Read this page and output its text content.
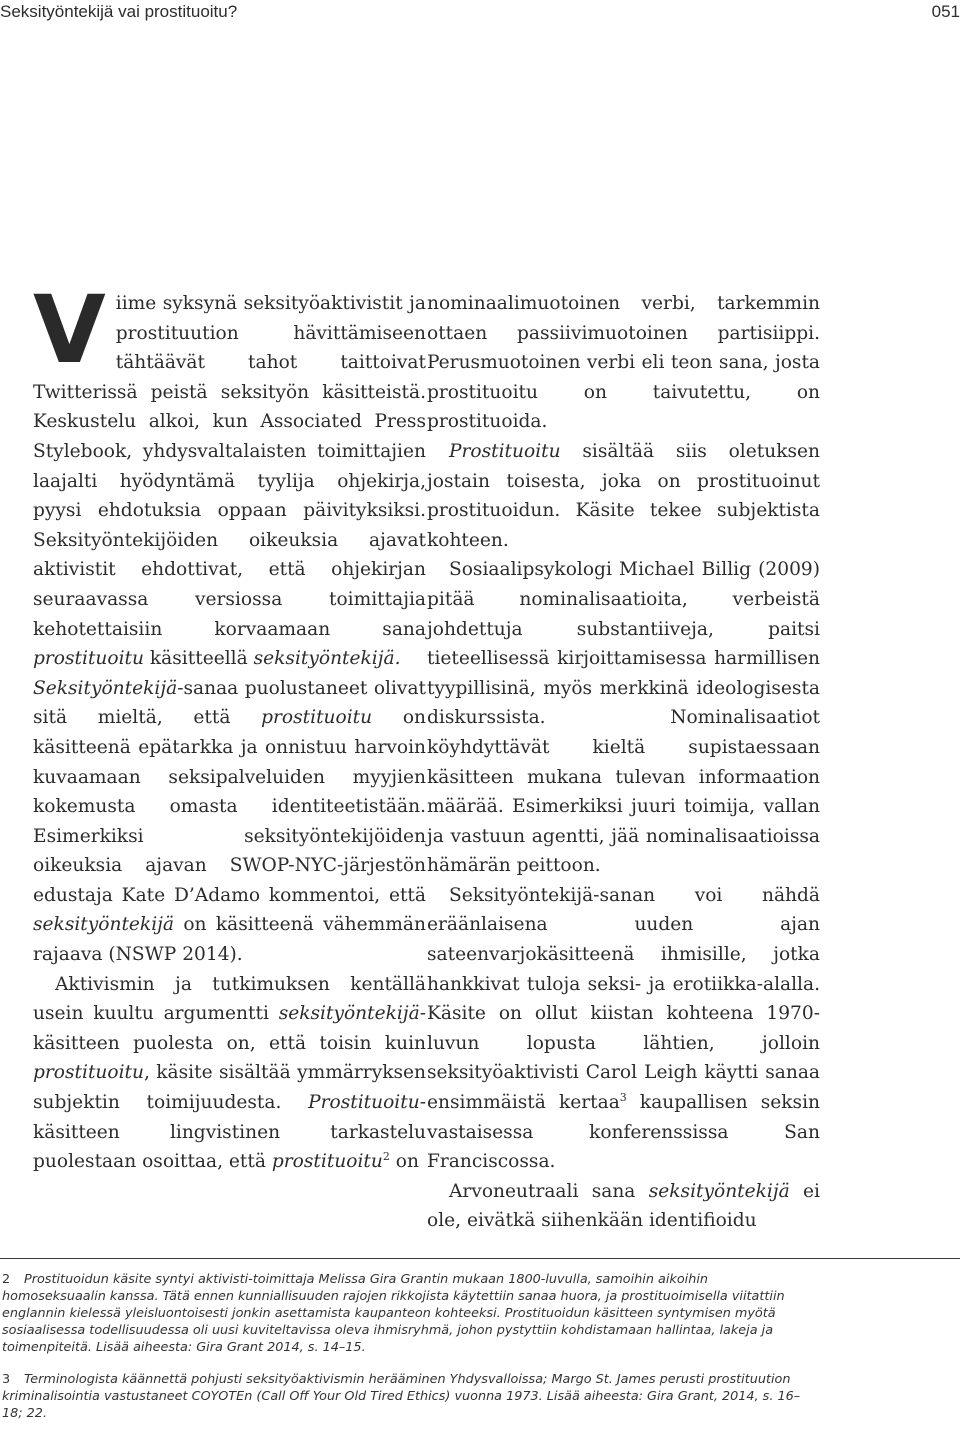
Seksityöntekijä vai prostituoitu?	051

Viime syksynä seksityöaktivistit ja prostituution hävittämiseen tähtäävät tahot taittoivat Twitterissä peistä seksityön käsitteistä. Keskustelu alkoi, kun Associated Press Stylebook, yhdysvaltalaisten toimittajien laajalti hyödyntämä tyylija ohjekirja, pyysi ehdotuksia oppaan päivityksiksi. Seksityöntekijöiden oikeuksia ajavat aktivistit ehdottivat, että ohjekirjan seuraavassa versiossa toimittajia kehotettaisiin korvaamaan sana prostituoitu käsitteellä seksityöntekijä.

Seksityöntekijä-sanaa puolustaneet olivat sitä mieltä, että prostituoitu on käsitteenä epätarkka ja onnistuu harvoin kuvaamaan seksipalveluiden myyjien kokemusta omasta identiteetistään. Esimerkiksi seksityöntekijöiden oikeuksia ajavan SWOP-NYC-järjestön edustaja Kate D’Adamo kommentoi, että seksityöntekijä on käsitteenä vähemmän rajaava (NSWP 2014).

Aktivismin ja tutkimuksen kentällä usein kuultu argumentti seksityöntekijä-käsitteen puolesta on, että toisin kuin prostituoitu, käsite sisältää ymmärryksen subjektin toimijuudesta. Prostituoitu-käsitteen lingvistinen tarkastelu puolestaan osoittaa, että prostituoitu$^2$ on

nominaalimuotoinen verbi, tarkemmin ottaen passiivimuotoinen partisiippi. Perusmuotoinen verbi eli teon sana, josta prostituoitu on taivutettu, on prostituoida.

Prostituoitu sisältää siis oletuksen jostain toisesta, joka on prostituoinut prostituoidun. Käsite tekee subjektista kohteen.

Sosiaalipsykologi Michael Billig (2009) pitää nominalisaatioita, verbeistä johdettuja substantiiveja, paitsi tieteellisessä kirjoittamisessa harmillisen tyypillisinä, myös merkkinä ideologisesta diskurssista. Nominalisaatiot köyhdyttävät kieltä supistaessaan käsitteen mukana tulevan informaation määrää. Esimerkiksi juuri toimija, vallan ja vastuun agentti, jää nominalisaatioissa hämärän peittoon.

Seksityöntekijä-sanan voi nähdä eräänlaisena uuden ajan sateenvarjokäsitteenä ihmisille, jotka hankkivat tuloja seksi- ja erotiikka-alalla. Käsite on ollut kiistan kohteena 1970-luvun lopusta lähtien, jolloin seksityöaktivisti Carol Leigh käytti sanaa ensimmäistä kertaa$^3$ kaupallisen seksin vastaisessa konferenssissa San Franciscossa.

Arvoneutraali sana seksityöntekijä ei ole, eivätkä siihenkään identifioidu

2 Prostituoidun käsite syntyi aktivisti-toimittaja Melissa Gira Grantin mukaan 1800-luvulla, samoihin aikoihin homoseksuaalin kanssa. Tätä ennen kunniallisuuden rajojen rikkojista käytettiin sanaa huora, ja prostituoimisella viitattiin englannin kielessä yleisluontoisesti jonkin asettamista kaupanteon kohteeksi. Prostituoidun käsitteen syntymisen myötä sosiaalisessa todellisuudessa oli uusi kuviteltavissa oleva ihmisryhmä, johon pystyttiin kohdistamaan hallintaa, lakeja ja toimenpiteitä. Lisää aiheesta: Gira Grant 2014, s. 14–15.

3 Terminologista käännettä pohjusti seksityöaktivismin herääminen Yhdysvalloissa; Margo St. James perusti prostituution kriminalisointia vastustaneet COYOTEn (Call Off Your Old Tired Ethics) vuonna 1973. Lisää aiheesta: Gira Grant, 2014, s. 16–18; 22.
